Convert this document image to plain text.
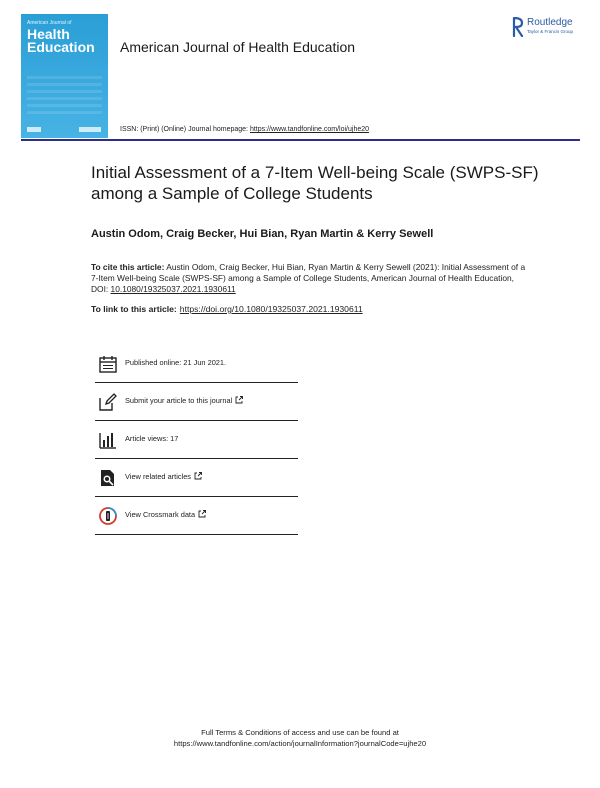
American Journal of
Health
Education American Journal of Health Education
ISSN: (Print) (Online) Journal homepage: https://www.tandfonline.com/loi/ujhe20
Routledge
Taylor & Francis Group
Initial Assessment of a 7-Item Well-being Scale (SWPS-SF) among a Sample of College Students
Austin Odom, Craig Becker, Hui Bian, Ryan Martin & Kerry Sewell
To cite this article: Austin Odom, Craig Becker, Hui Bian, Ryan Martin & Kerry Sewell (2021): Initial Assessment of a 7-Item Well-being Scale (SWPS-SF) among a Sample of College Students, American Journal of Health Education, DOI: 10.1080/19325037.2021.1930611
To link to this article: https://doi.org/10.1080/19325037.2021.1930611
Published online: 21 Jun 2021.
Submit your article to this journal
Article views: 17
View related articles
View Crossmark data
Full Terms & Conditions of access and use can be found at
https://www.tandfonline.com/action/journalInformation?journalCode=ujhe20
